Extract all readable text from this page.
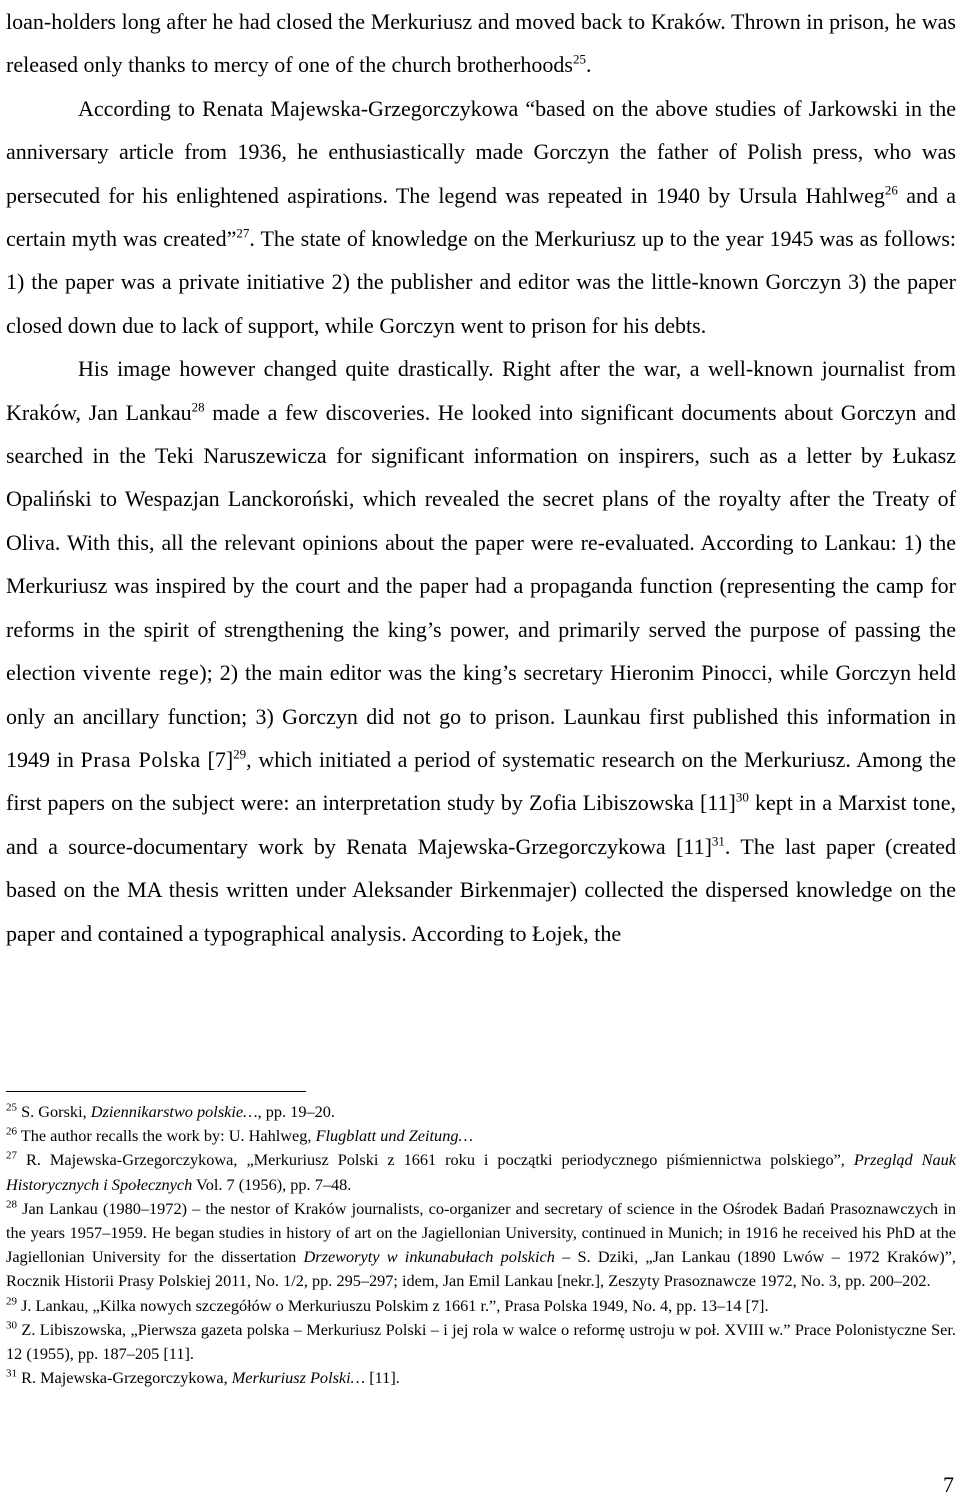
loan-holders long after he had closed the Merkuriusz and moved back to Kraków. Thrown in prison, he was released only thanks to mercy of one of the church brotherhoods$^{25}$.

According to Renata Majewska-Grzegorczykowa “based on the above studies of Jarkowski in the anniversary article from 1936, he enthusiastically made Gorczyn the father of Polish press, who was persecuted for his enlightened aspirations. The legend was repeated in 1940 by Ursula Hahlweg$^{26}$ and a certain myth was created”$^{27}$. The state of knowledge on the Merkuriusz up to the year 1945 was as follows: 1) the paper was a private initiative 2) the publisher and editor was the little-known Gorczyn 3) the paper closed down due to lack of support, while Gorczyn went to prison for his debts.

His image however changed quite drastically. Right after the war, a well-known journalist from Kraków, Jan Lankau$^{28}$ made a few discoveries. He looked into significant documents about Gorczyn and searched in the Teki Naruszewicza for significant information on inspirers, such as a letter by Łukasz Opaliński to Wespazjan Lanckoroński, which revealed the secret plans of the royalty after the Treaty of Oliva. With this, all the relevant opinions about the paper were re-evaluated. According to Lankau: 1) the Merkuriusz was inspired by the court and the paper had a propaganda function (representing the camp for reforms in the spirit of strengthening the king’s power, and primarily served the purpose of passing the election vivente rege); 2) the main editor was the king’s secretary Hieronim Pinocci, while Gorczyn held only an ancillary function; 3) Gorczyn did not go to prison. Launkau first published this information in 1949 in Prasa Polska $[7]^{29}$, which initiated a period of systematic research on the Merkuriusz. Among the first papers on the subject were: an interpretation study by Zofia Libiszowska $[11]^{30}$ kept in a Marxist tone, and a source-documentary work by Renata Majewska-Grzegorczykowa $[11]^{31}$. The last paper (created based on the MA thesis written under Aleksander Birkenmajer) collected the dispersed knowledge on the paper and contained a typographical analysis. According to Łojek, the

$^{25}$ S. Gorski, Dziennikarstwo polskie…, pp. 19–20.

$^{26}$ The author recalls the work by: U. Hahlweg, Flugblatt und Zeitung…

$^{27}$ R. Majewska-Grzegorczykowa, „Merkuriusz Polski z 1661 roku i początki periodycznego piśmiennictwa polskiego”, Przegląd Nauk Historycznych i Społecznych Vol. 7 (1956), pp. 7–48.

$^{28}$ Jan Lankau (1980–1972) – the nestor of Kraków journalists, co-organizer and secretary of science in the Ośrodek Badań Prasoznawczych in the years 1957–1959. He began studies in history of art on the Jagiellonian University, continued in Munich; in 1916 he received his PhD at the Jagiellonian University for the dissertation Drzeworyty w inkunabułach polskich – S. Dziki, „Jan Lankau (1890 Lwów – 1972 Kraków)”, Rocznik Historii Prasy Polskiej 2011, No. 1/2, pp. 295–297; idem, Jan Emil Lankau [nekr.], Zeszyty Prasoznawcze 1972, No. 3, pp. 200–202.

$^{29}$ J. Lankau, „Kilka nowych szczegółów o Merkuriuszu Polskim z 1661 r.”, Prasa Polska 1949, No. 4, pp. 13–14 [7].

$^{30}$ Z. Libiszowska, „Pierwsza gazeta polska – Merkuriusz Polski – i jej rola w walce o reformę ustroju w poł. XVIII w.” Prace Polonistyczne Ser. 12 (1955), pp. 187–205 [11].

$^{31}$ R. Majewska-Grzegorczykowa, Merkuriusz Polski… [11].

7
